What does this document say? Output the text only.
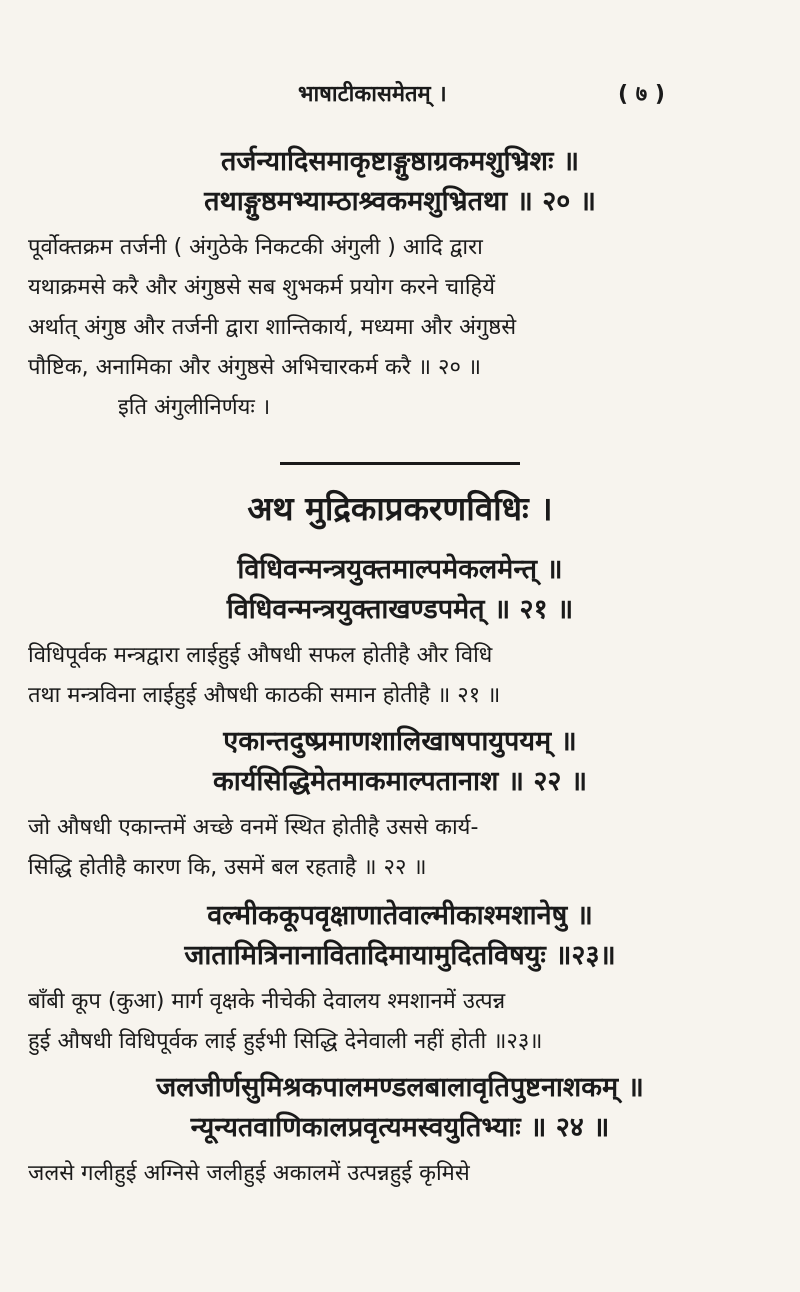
भाषाटीकासमेतम् ।	( ७ )
तर्जन्यादिसमाकृष्टाङ्गुष्ठाग्रकमशुभ्रिशः ॥
तथाङ्गुष्ठमभ्याम्ठाश्र्वकमशुभ्रितथा ॥ २० ॥
पूर्वोक्तक्रम तर्जनी ( अंगुठेके निकटकी अंगुली ) आदि द्वारा
यथाक्रमसे करै और अंगुष्ठसे सब शुभकर्म प्रयोग करने चाहियें
अर्थात् अंगुष्ठ और तर्जनी द्वारा शान्तिकार्य, मध्यमा और अंगुष्ठसे
पौष्टिक, अनामिका और अंगुष्ठसे अभिचारकर्म करै ॥ २० ॥
इति अंगुलीनिर्णयः ।
अथ मुद्रिकाप्रकरणविधिः ।
विधिवन्मन्त्रयुक्तमाल्पमेकलमेन्त् ॥
विधिवन्मन्त्रयुक्ताखण्डपमेत् ॥ २१ ॥
विधिपूर्वक मन्त्रद्वारा लाईहुई औषधी सफल होतीहै और विधि
तथा मन्त्रविना लाईहुई औषधी काठकी समान होतीहै ॥ २१ ॥
एकान्तदुष्प्रमाणशालिखाषपायुपयम् ॥
कार्यसिद्धिमेतमाकमाल्पतानाश ॥ २२ ॥
जो औषधी एकान्तमें अच्छे वनमें स्थित होतीहै उससे कार्य-
सिद्धि होतीहै कारण कि, उसमें बल रहताहै ॥ २२ ॥
वल्मीककूपवृक्षाणातेवाल्मीकाश्मशानेषु ॥
जातामित्रिनानावितादिमायामुदितविषयुः ॥२३॥
बाँबी कूप (कुआ) मार्ग वृक्षके नीचेकी देवालय श्मशानमें उत्पन्न
हुई औषधी विधिपूर्वक लाई हुईभी सिद्धि देनेवाली नहीं होती ॥२३॥
जलजीर्णसुमिश्रकपालमण्डलबालावृतिपुष्टनाशकम् ॥
न्यून्यतवाणिकालप्रवृत्यमस्वयुतिभ्याः ॥ २४ ॥
जलसे गलीहुई अग्निसे जलीहुई अकालमें उत्पन्नहुई कृमिसे
